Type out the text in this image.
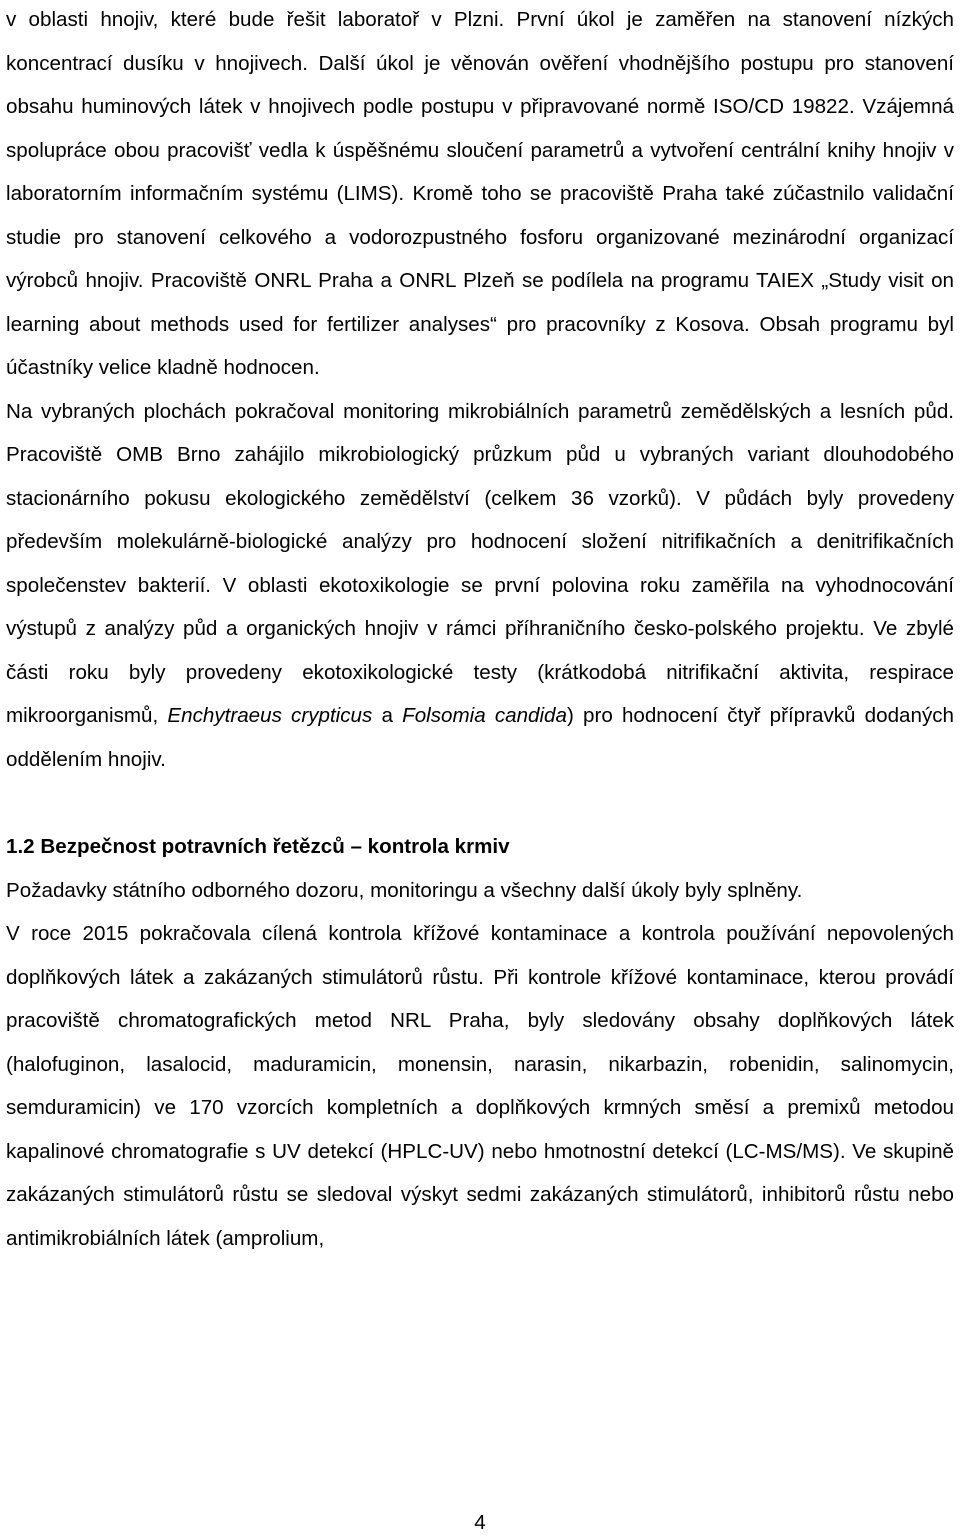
v oblasti hnojiv, které bude řešit laboratoř v Plzni. První úkol je zaměřen na stanovení nízkých koncentrací dusíku v hnojivech. Další úkol je věnován ověření vhodnějšího postupu pro stanovení obsahu huminových látek v hnojivech podle postupu v připravované normě ISO/CD 19822. Vzájemná spolupráce obou pracovišť vedla k úspěšnému sloučení parametrů a vytvoření centrální knihy hnojiv v laboratorním informačním systému (LIMS). Kromě toho se pracoviště Praha také zúčastnilo validační studie pro stanovení celkového a vodorozpustného fosforu organizované mezinárodní organizací výrobců hnojiv. Pracoviště ONRL Praha a ONRL Plzeň se podílela na programu TAIEX „Study visit on learning about methods used for fertilizer analyses“ pro pracovníky z Kosova. Obsah programu byl účastníky velice kladně hodnocen.

Na vybraných plochách pokračoval monitoring mikrobiálních parametrů zemědělských a lesních půd. Pracoviště OMB Brno zahájilo mikrobiologický průzkum půd u vybraných variant dlouhodobého stacionárního pokusu ekologického zemědělství (celkem 36 vzorků). V půdách byly provedeny především molekulárně-biologické analýzy pro hodnocení složení nitrifikačních a denitrifikačních společenstev bakterií. V oblasti ekotoxikologie se první polovina roku zaměřila na vyhodnocování výstupů z analýzy půd a organických hnojiv v rámci příhraničního česko-polského projektu. Ve zbylé části roku byly provedeny ekotoxikologické testy (krátkodobá nitrifikační aktivita, respirace mikroorganismů, Enchytraeus crypticus a Folsomia candida) pro hodnocení čtyř přípravků dodaných oddělením hnojiv.

1.2 Bezpečnost potravních řetězců – kontrola krmiv

Požadavky státního odborného dozoru, monitoringu a všechny další úkoly byly splněny.

V roce 2015 pokračovala cílená kontrola křížové kontaminace a kontrola používání nepovolených doplňkových látek a zakázaných stimulátorů růstu. Při kontrole křížové kontaminace, kterou provádí pracoviště chromatografických metod NRL Praha, byly sledovány obsahy doplňkových látek (halofuginon, lasalocid, maduramicin, monensin, narasin, nikarbazin, robenidin, salinomycin, semduramicin) ve 170 vzorcích kompletních a doplňkových krmných směsí a premixů metodou kapalinové chromatografie s UV detekcí (HPLC-UV) nebo hmotnostní detekcí (LC-MS/MS). Ve skupině zakázaných stimulátorů růstu se sledoval výskyt sedmi zakázaných stimulátorů, inhibitorů růstu nebo antimikrobiálních látek (amprolium,

4
